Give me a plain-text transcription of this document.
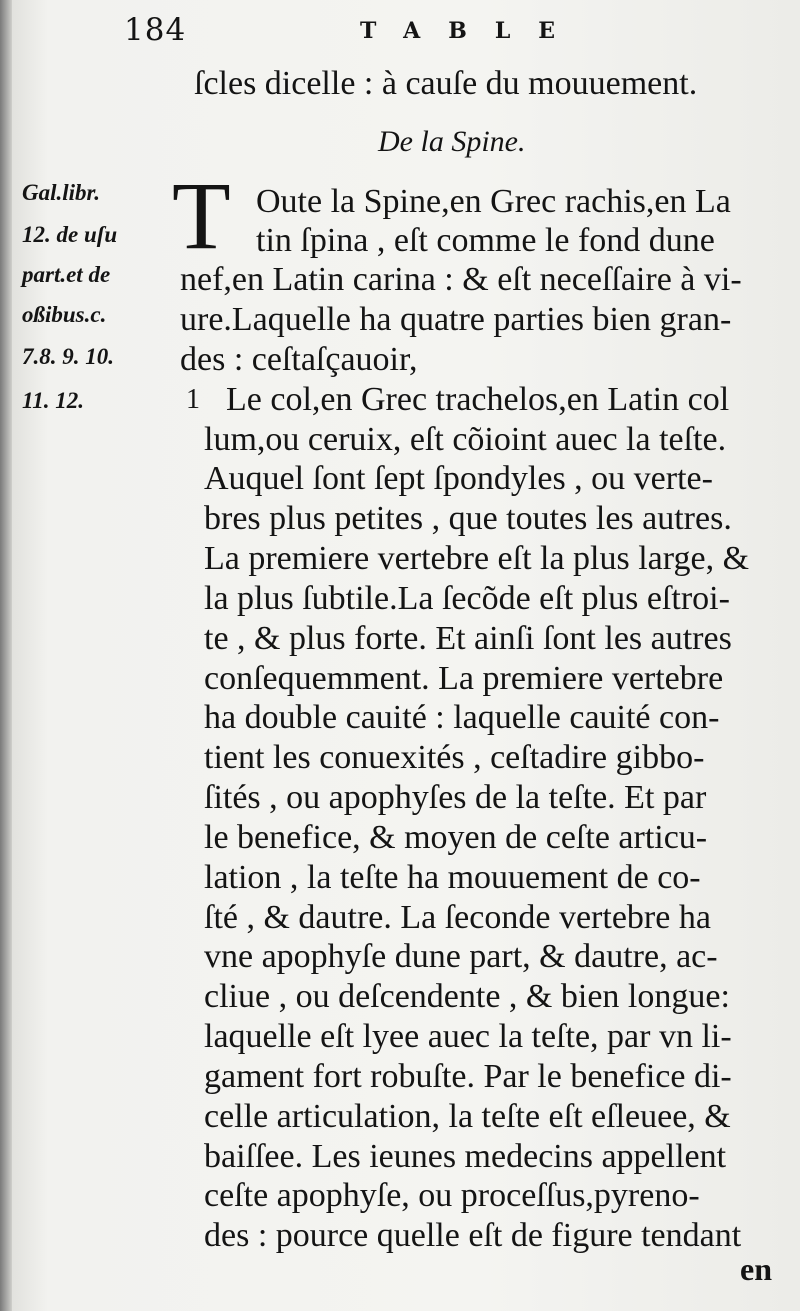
184	TABLE
ſcles dicelle : à cauſe du mouuement.
De la Spine.
Gal.libr.
12. de uſu
part.et de
oßibus.c.
7.8. 9. 10.
11. 12.
T Oute la Spine,en Grec rachis,en La
tin ſpina , eſt comme le fond dune
nef,en Latin carina : & eſt neceſſaire à vi-
ure.Laquelle ha quatre parties bien gran-
des : ceſtaſçauoir,
1 Le col,en Grec trachelos,en Latin col
lum,ou ceruix, eſt cõioint auec la teſte.
Auquel ſont ſept ſpondyles , ou verte-
bres plus petites , que toutes les autres.
La premiere vertebre eſt la plus large, &
la plus ſubtile.La ſecõde eſt plus eſtroi-
te , & plus forte. Et ainſi ſont les autres
conſequemment. La premiere vertebre
ha double cauité : laquelle cauité con-
tient les conuexités , ceſtadire gibbo-
ſités , ou apophyſes de la teſte. Et par
le benefice, & moyen de ceſte articu-
lation , la teſte ha mouuement de co-
ſté , & dautre. La ſeconde vertebre ha
vne apophyſe dune part, & dautre, ac-
cliue , ou deſcendente , & bien longue:
laquelle eſt lyee auec la teſte, par vn li-
gament fort robuſte. Par le benefice di-
celle articulation, la teſte eſt eſleuee, &
baiſſee. Les ieunes medecins appellent
ceſte apophyſe, ou proceſſus,pyreno-
des : pource quelle eſt de figure tendant
en
